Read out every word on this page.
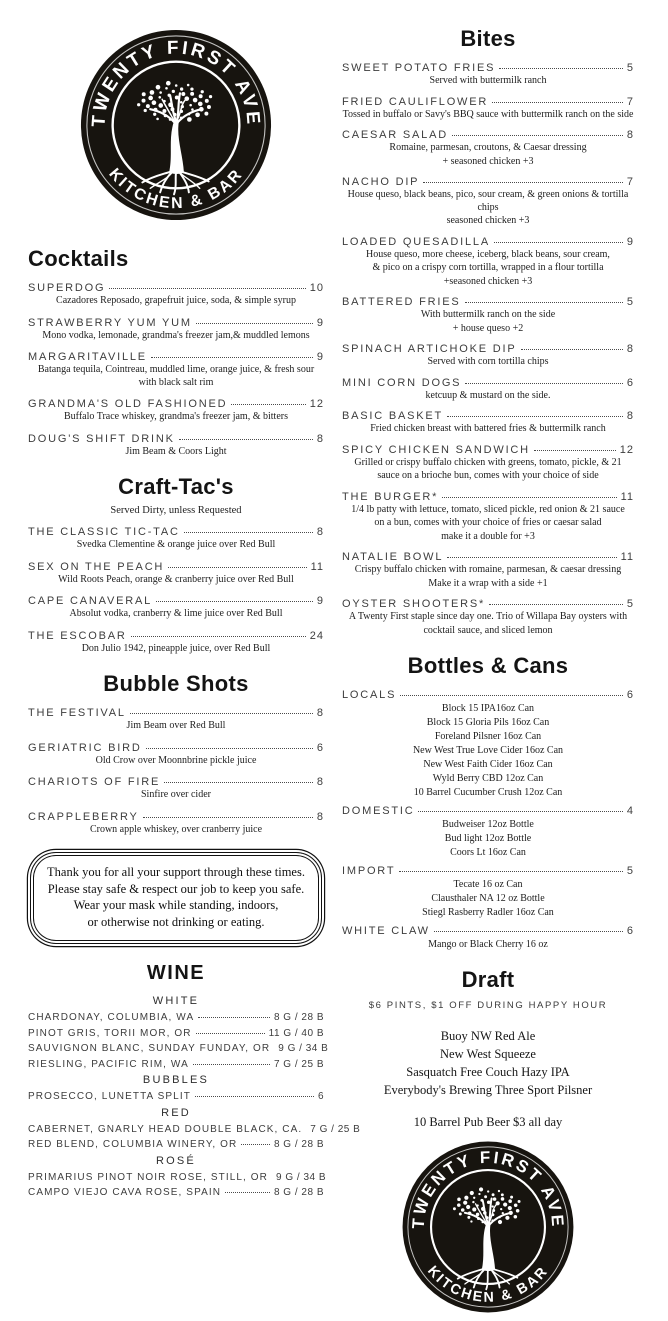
TWENTY FIRST AVE
KITCHEN & BAR
Cocktails
SUPERDOG	10
Cazadores Reposado, grapefruit juice, soda, & simple syrup
STRAWBERRY YUM YUM	9
Mono vodka, lemonade, grandma's freezer jam,& muddled lemons
MARGARITAVILLE	9
Batanga tequila, Cointreau, muddled lime, orange juice, & fresh sour with black salt rim
GRANDMA'S OLD FASHIONED	12
Buffalo Trace whiskey, grandma's freezer jam, & bitters
DOUG'S SHIFT DRINK	8
Jim Beam & Coors Light
Craft-Tac's
Served Dirty, unless Requested
THE CLASSIC TIC-TAC	8
Svedka Clementine & orange juice over Red Bull
SEX ON THE PEACH	11
Wild Roots Peach, orange & cranberry juice over Red Bull
CAPE CANAVERAL	9
Absolut vodka, cranberry & lime juice over Red Bull
THE ESCOBAR	24
Don Julio 1942, pineapple juice, over Red Bull
Bubble Shots
THE FESTIVAL	8
Jim Beam over Red Bull
GERIATRIC BIRD	6
Old Crow over Moonnbrine pickle juice
CHARIOTS OF FIRE	8
Sinfire over cider
CRAPPLEBERRY	8
Crown apple whiskey, over cranberry juice
Thank you for all your support through these times.
Please stay safe & respect our job to keep you safe.
Wear your mask while standing, indoors,
or otherwise not drinking or eating.
WINE
WHITE
CHARDONAY, COLUMBIA, WA	8 G / 28 B
PINOT GRIS, TORII MOR, OR	11 G / 40 B
SAUVIGNON BLANC, SUNDAY FUNDAY, OR 9 G / 34 B
RIESLING, PACIFIC RIM, WA	7 G / 25 B
BUBBLES
PROSECCO, LUNETTA SPLIT	6
RED
CABERNET, GNARLY HEAD DOUBLE BLACK, CA. 7 G / 25 B
RED BLEND, COLUMBIA WINERY, OR	8 G / 28 B
ROSÉ
PRIMARIUS PINOT NOIR ROSE, STILL, OR 9 G / 34 B
CAMPO VIEJO CAVA ROSE, SPAIN	8 G / 28 B
Bites
SWEET POTATO FRIES	5
Served with buttermilk ranch
FRIED CAULIFLOWER	7
Tossed in buffalo or Savy's BBQ sauce with buttermilk ranch on the side
CAESAR SALAD	8
Romaine, parmesan, croutons, & Caesar dressing
+ seasoned chicken +3
NACHO DIP	7
House queso, black beans, pico, sour cream, & green onions & tortilla chips
seasoned chicken +3
LOADED QUESADILLA	9
House queso, more cheese, iceberg, black beans, sour cream,
& pico on a crispy corn tortilla, wrapped in a flour tortilla
+seasoned chicken +3
BATTERED FRIES	5
With buttermilk ranch on the side
+ house queso +2
SPINACH ARTICHOKE DIP	8
Served with corn tortilla chips
MINI CORN DOGS	6
ketcuup & mustard on the side.
BASIC BASKET	8
Fried chicken breast with battered fries & buttermilk ranch
SPICY CHICKEN SANDWICH	12
Grilled or crispy buffalo chicken with greens, tomato, pickle, & 21
sauce on a brioche bun, comes with your choice of side
THE BURGER*	11
1/4 lb patty with lettuce, tomato, sliced pickle, red onion & 21 sauce
on a bun, comes with your choice of fries or caesar salad
make it a double for +3
NATALIE BOWL	11
Crispy buffalo chicken with romaine, parmesan, & caesar dressing
Make it a wrap with a side +1
OYSTER SHOOTERS*	5
A Twenty First staple since day one. Trio of Willapa Bay oysters with
cocktail sauce, and sliced lemon
Bottles & Cans
LOCALS	6
Block 15 IPA16oz Can
Block 15 Gloria Pils 16oz Can
Foreland Pilsner 16oz Can
New West True Love Cider 16oz Can
New West Faith Cider 16oz Can
Wyld Berry CBD 12oz Can
10 Barrel Cucumber Crush 12oz Can
DOMESTIC	4
Budweiser 12oz Bottle
Bud light 12oz Bottle
Coors Lt 16oz Can
IMPORT	5
Tecate 16 oz Can
Clausthaler NA 12 oz Bottle
Stiegl Rasberry Radler 16oz Can
WHITE CLAW	6
Mango or Black Cherry 16 oz
Draft
$6 PINTS, $1 OFF DURING HAPPY HOUR
Buoy NW Red Ale
New West Squeeze
Sasquatch Free Couch Hazy IPA
Everybody's Brewing Three Sport Pilsner
10 Barrel Pub Beer $3 all day
TWENTY FIRST AVE
KITCHEN & BAR
